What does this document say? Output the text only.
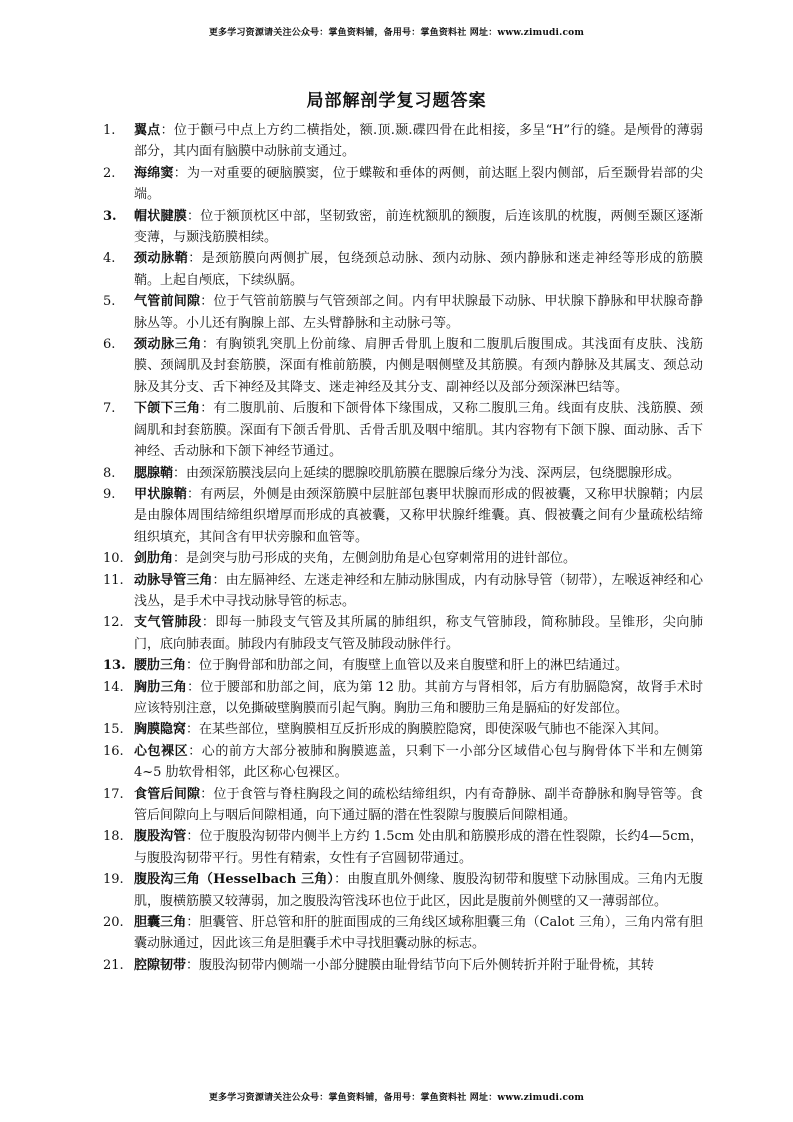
更多学习资源请关注公众号：掌鱼资料铺，备用号：掌鱼资料社 网址：www.zimudi.com
局部解剖学复习题答案
1.	翼点：位于颧弓中点上方约二横指处，额.顶.颞.碟四骨在此相接，多呈“H”行的缝。是颅骨的薄弱部分，其内面有脑膜中动脉前支通过。
2.	海绵窦：为一对重要的硬脑膜窦，位于蝶鞍和垂体的两侧，前达眶上裂内侧部，后至颞骨岩部的尖端。
3.	帽状腱膜：位于额顶枕区中部，坚韧致密，前连枕额肌的额腹，后连该肌的枕腹，两侧至颞区逐渐变薄，与颞浅筋膜相续。
4.	颈动脉鞘：是颈筋膜向两侧扩展，包绕颈总动脉、颈内动脉、颈内静脉和迷走神经等形成的筋膜鞘。上起自颅底，下续纵膈。
5.	气管前间隙：位于气管前筋膜与气管颈部之间。内有甲状腺最下动脉、甲状腺下静脉和甲状腺奇静脉丛等。小儿还有胸腺上部、左头臂静脉和主动脉弓等。
6.	颈动脉三角：有胸锁乳突肌上份前缘、肩胛舌骨肌上腹和二腹肌后腹围成。其浅面有皮肤、浅筋膜、颈阔肌及封套筋膜，深面有椎前筋膜，内侧是咽侧壁及其筋膜。有颈内静脉及其属支、颈总动脉及其分支、舌下神经及其降支、迷走神经及其分支、副神经以及部分颈深淋巴结等。
7.	下颌下三角：有二腹肌前、后腹和下颌骨体下缘围成，又称二腹肌三角。线面有皮肤、浅筋膜、颈阔肌和封套筋膜。深面有下颌舌骨肌、舌骨舌肌及咽中缩肌。其内容物有下颌下腺、面动脉、舌下神经、舌动脉和下颌下神经节通过。
8.	腮腺鞘：由颈深筋膜浅层向上延续的腮腺咬肌筋膜在腮腺后缘分为浅、深两层，包绕腮腺形成。
9.	甲状腺鞘：有两层，外侧是由颈深筋膜中层脏部包裹甲状腺而形成的假被囊，又称甲状腺鞘；内层是由腺体周围结缔组织增厚而形成的真被囊，又称甲状腺纤维囊。真、假被囊之间有少量疏松结缔组织填充，其间含有甲状旁腺和血管等。
10. 剑肋角：是剑突与肋弓形成的夹角，左侧剑肋角是心包穿刺常用的进针部位。
11. 动脉导管三角：由左膈神经、左迷走神经和左肺动脉围成，内有动脉导管（韧带），左喉返神经和心浅丛，是手术中寻找动脉导管的标志。
12. 支气管肺段：即每一肺段支气管及其所属的肺组织，称支气管肺段，简称肺段。呈锥形，尖向肺门，底向肺表面。肺段内有肺段支气管及肺段动脉伴行。
13. 腰肋三角：位于胸骨部和肋部之间，有腹壁上血管以及来自腹壁和肝上的淋巴结通过。
14. 胸肋三角：位于腰部和肋部之间，底为第 12 肋。其前方与肾相邻，后方有肋膈隐窝，故肾手术时应该特别注意，以免撕破壁胸膜而引起气胸。胸肋三角和腰肋三角是膈疝的好发部位。
15. 胸膜隐窝：在某些部位，壁胸膜相互反折形成的胸膜腔隐窝，即使深吸气肺也不能深入其间。
16. 心包裸区：心的前方大部分被肺和胸膜遮盖，只剩下一小部分区域借心包与胸骨体下半和左侧第 4~5 肋软骨相邻，此区称心包裸区。
17. 食管后间隙：位于食管与脊柱胸段之间的疏松结缔组织，内有奇静脉、副半奇静脉和胸导管等。食管后间隙向上与咽后间隙相通，向下通过膈的潜在性裂隙与腹膜后间隙相通。
18. 腹股沟管：位于腹股沟韧带内侧半上方约 1.5cm 处由肌和筋膜形成的潜在性裂隙，长约4—5cm，与腹股沟韧带平行。男性有精索，女性有子宫圆韧带通过。
19. 腹股沟三角（Hesselbach 三角）：由腹直肌外侧缘、腹股沟韧带和腹壁下动脉围成。三角内无腹肌，腹横筋膜又较薄弱，加之腹股沟管浅环也位于此区，因此是腹前外侧壁的又一薄弱部位。
20. 胆囊三角：胆囊管、肝总管和肝的脏面围成的三角线区域称胆囊三角（Calot 三角），三角内常有胆囊动脉通过，因此该三角是胆囊手术中寻找胆囊动脉的标志。
21. 腔隙韧带：腹股沟韧带内侧端一小部分腱膜由耻骨结节向下后外侧转折并附于耻骨梳，其转
更多学习资源请关注公众号：掌鱼资料铺，备用号：掌鱼资料社 网址：www.zimudi.com
